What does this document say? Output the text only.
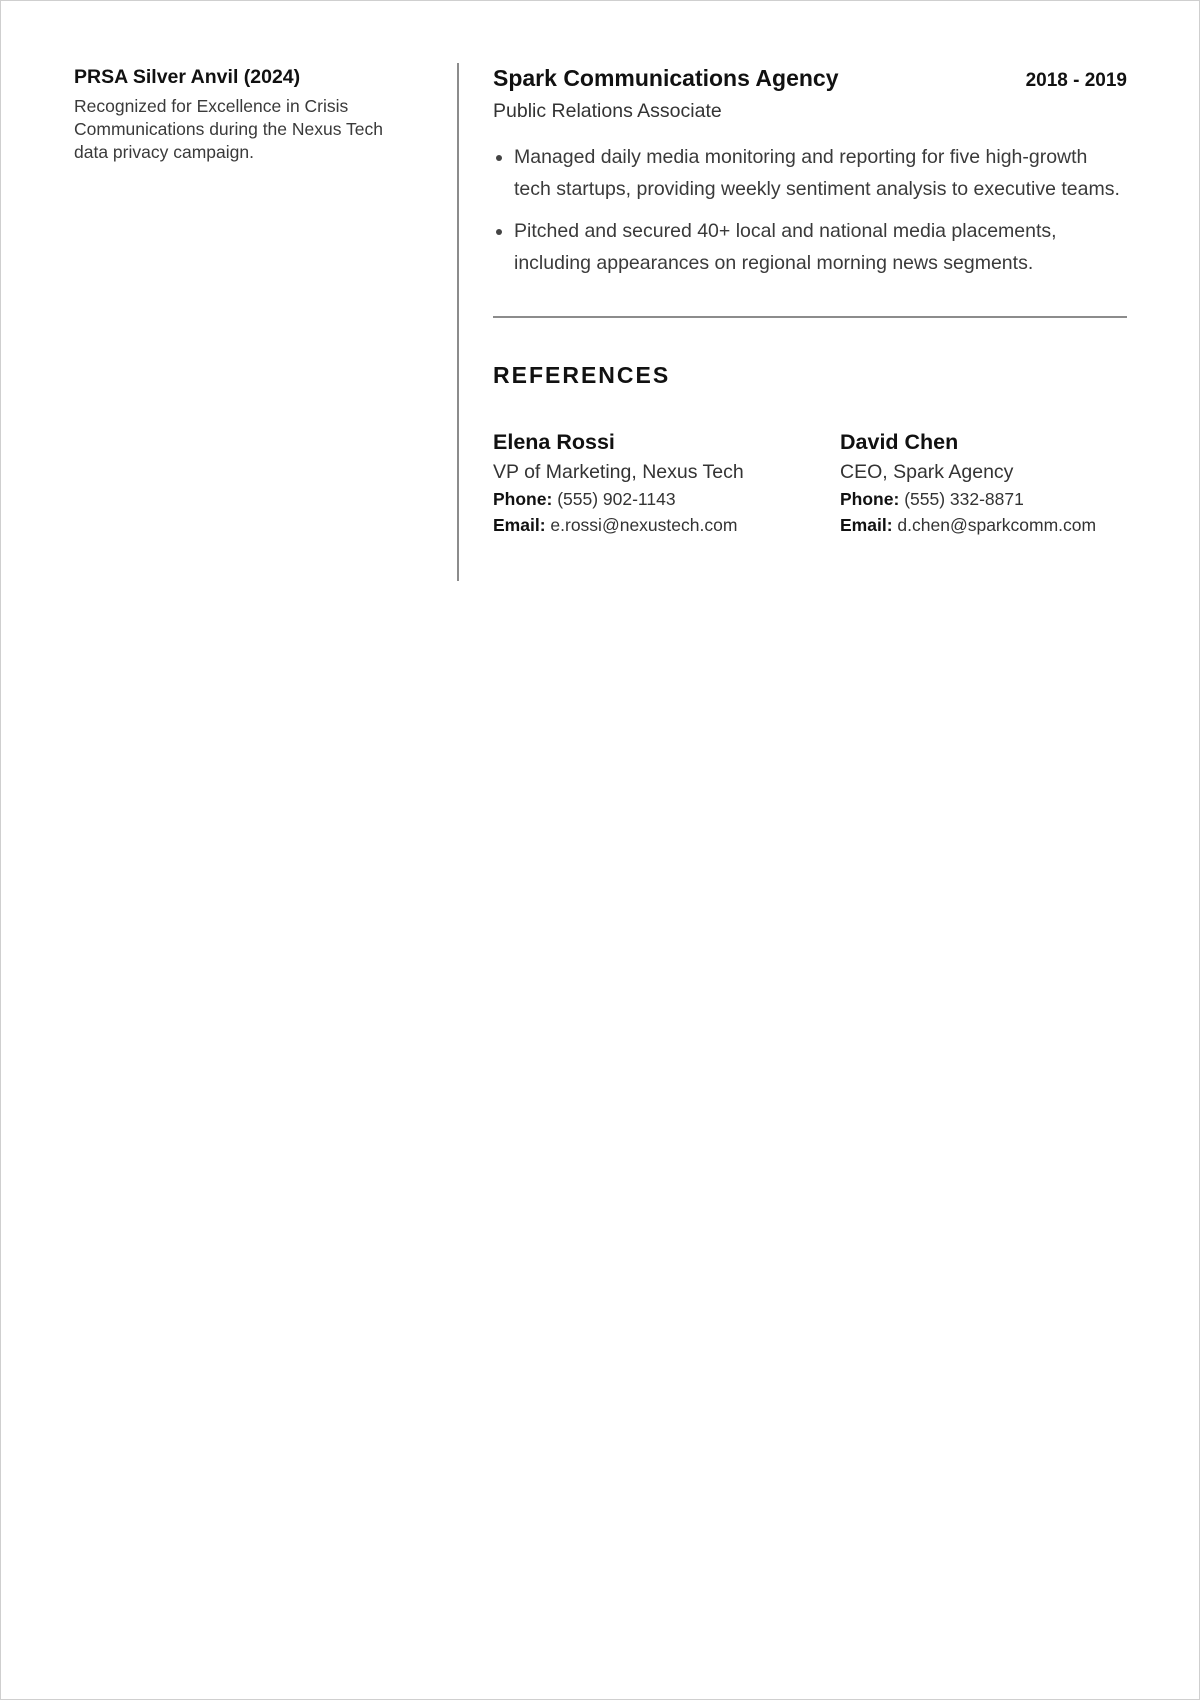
PRSA Silver Anvil (2024)
Recognized for Excellence in Crisis Communications during the Nexus Tech data privacy campaign.
Spark Communications Agency	2018 - 2019
Public Relations Associate
• Managed daily media monitoring and reporting for five high-growth tech startups, providing weekly sentiment analysis to executive teams.
• Pitched and secured 40+ local and national media placements, including appearances on regional morning news segments.
REFERENCES
Elena Rossi
VP of Marketing, Nexus Tech
Phone: (555) 902-1143
Email: e.rossi@nexustech.com
David Chen
CEO, Spark Agency
Phone: (555) 332-8871
Email: d.chen@sparkcomm.com
